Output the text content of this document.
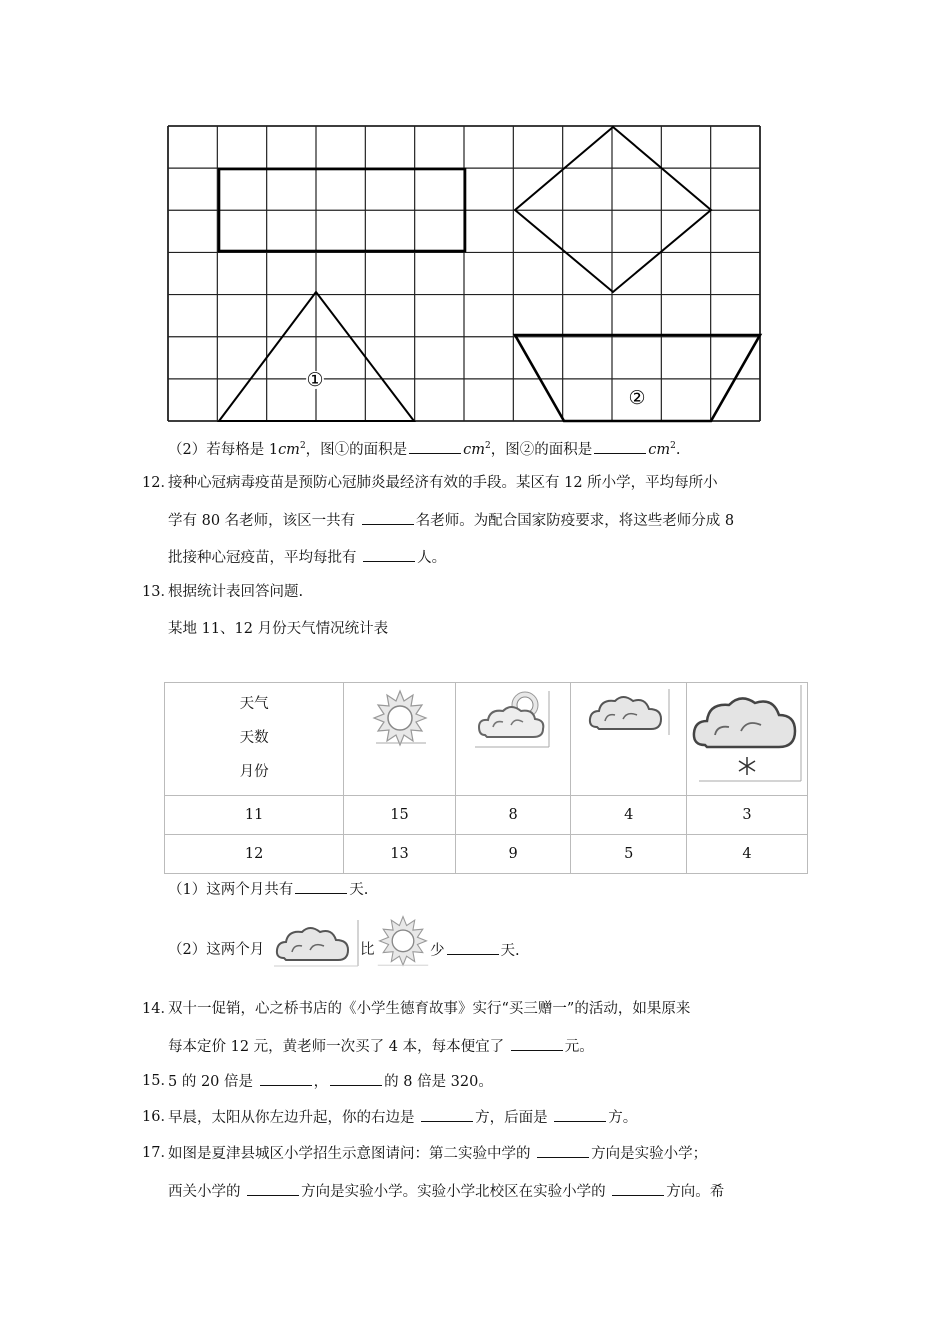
①
②
（2）若每格是 $1cm^2$，图①的面积是	$cm^2$，图②的面积是	$cm^2$.
12．
接种心冠病毒疫苗是预防心冠肺炎最经济有效的手段。某区有 12 所小学，平均每所小
学有 80 名老师，该区一共有	名老师。为配合国家防疫要求，将这些老师分成 8
批接种心冠疫苗，平均每批有	人。
13．
根据统计表回答问题.
某地 11、12 月份天气情况统计表
天气
天数
月份

11	15	8	4	3
12	13	9	5	4
（1）这两个月共有	天.
（2）这两个月	比	少	天.
14．
双十一促销，心之桥书店的《小学生德育故事》实行“买三赠一”的活动，如果原来
每本定价 12 元，黄老师一次买了 4 本，每本便宜了	元。
15．
5 的 20 倍是	，	的 8 倍是 320。
16．
早晨，太阳从你左边升起，你的右边是	方，后面是	方。
17．
如图是夏津县城区小学招生示意图请问：第二实验中学的	方向是实验小学；
西关小学的	方向是实验小学。实验小学北校区在实验小学的	方向。希
